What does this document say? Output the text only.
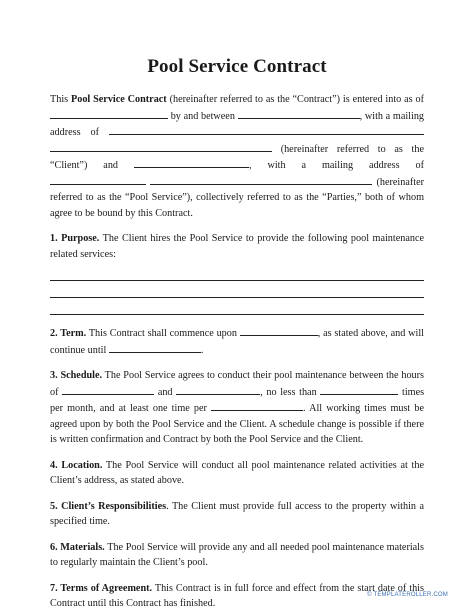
Pool Service Contract

This Pool Service Contract (hereinafter referred to as the “Contract”) is entered into as of  by and between	, with a mailing address of   (hereinafter referred to as the “Client”) and	, with a mailing address of   (hereinafter referred to as the “Pool Service”), collectively referred to as the “Parties,” both of whom agree to be bound by this Contract.

1. Purpose. The Client hires the Pool Service to provide the following pool maintenance related services:

2. Term. This Contract shall commence upon	, as stated above, and will continue until	.

3. Schedule. The Pool Service agrees to conduct their pool maintenance between the hours of	and	, no less than	times per month, and at least one time per	. All working times must be agreed upon by both the Pool Service and the Client. A schedule change is possible if there is written confirmation and Contract by both the Pool Service and the Client.

4. Location. The Pool Service will conduct all pool maintenance related activities at the Client’s address, as stated above.

5. Client’s Responsibilities. The Client must provide full access to the property within a specified time.

6. Materials. The Pool Service will provide any and all needed pool maintenance materials to regularly maintain the Client’s pool.

7. Terms of Agreement. This Contract is in full force and effect from the start date of this Contract until this Contract has finished.

© TEMPLATEROLLER.COM
